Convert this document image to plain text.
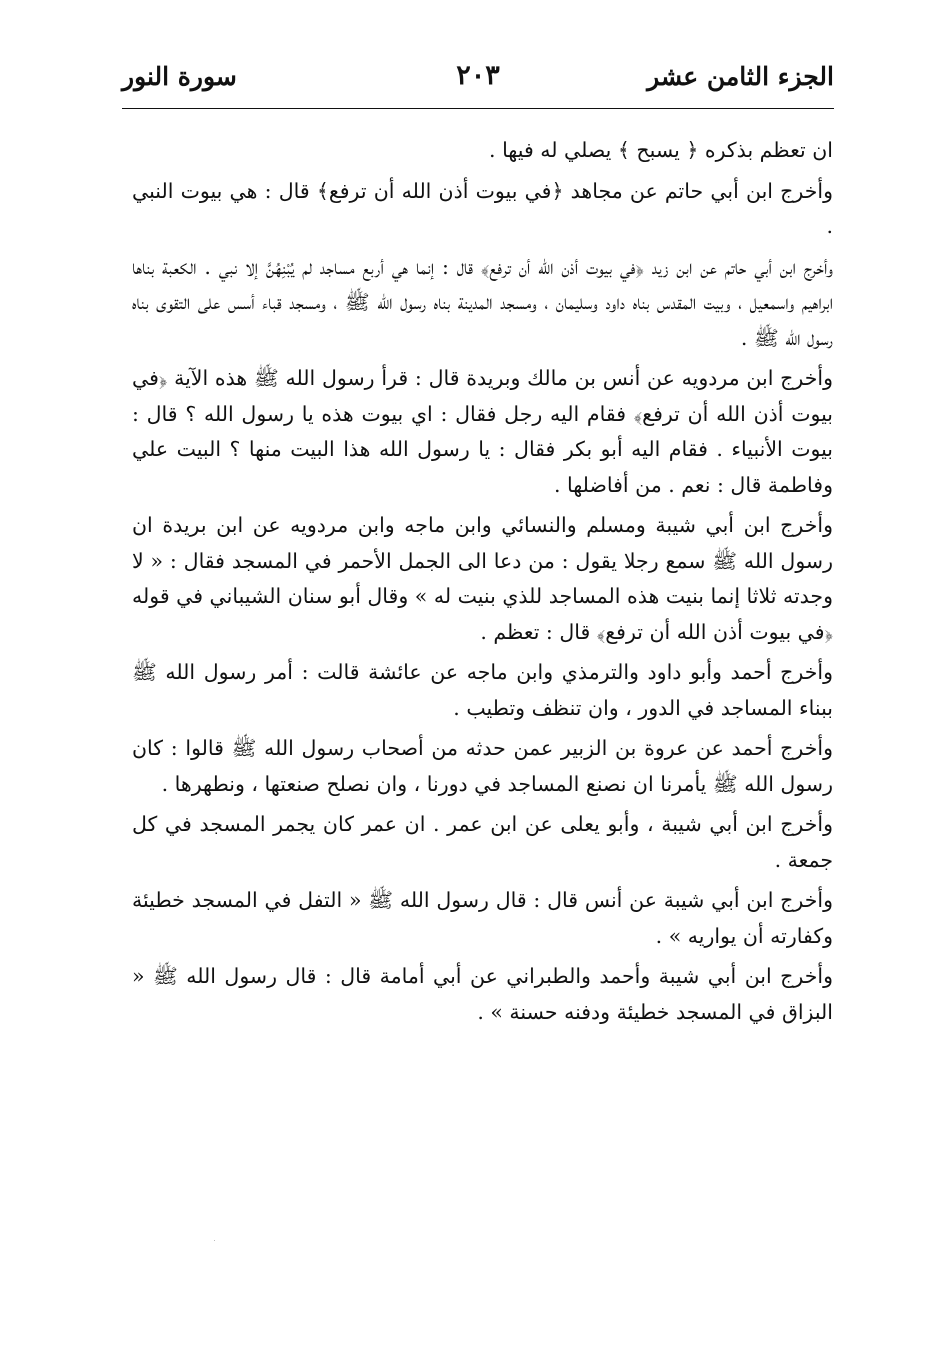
الجزء الثامن عشر
٢٠٣
سورة النور

ان تعظم بذكره ﴿ يسبح ﴾ يصلي له فيها .

وأخرج ابن أبي حاتم عن مجاهد ﴿في بيوت أذن الله أن ترفع﴾ قال : هي بيوت النبي .

وأخرج ابن أبي حاتم عن ابن زيد ﴿في بيوت أذن الله أن ترفع﴾ قال : إنما هي أربع مساجد لم يُبْنِهُنَّ إلا نبي . الكعبة بناها ابراهيم واسمعيل ، وبيت المقدس بناه داود وسليمان ، ومسجد المدينة بناه رسول الله ﷺ ، ومسجد قباء أسس على التقوى بناه رسول الله ﷺ .

وأخرج ابن مردويه عن أنس بن مالك وبريدة قال : قرأ رسول الله ﷺ هذه الآية ﴿في بيوت أذن الله أن ترفع﴾ فقام اليه رجل فقال : اي بيوت هذه يا رسول الله ؟ قال : بيوت الأنبياء . فقام اليه أبو بكر فقال : يا رسول الله هذا البيت منها ؟ البيت علي وفاطمة قال : نعم . من أفاضلها .

وأخرج ابن أبي شيبة ومسلم والنسائي وابن ماجه وابن مردويه عن ابن بريدة ان رسول الله ﷺ سمع رجلا يقول : من دعا الى الجمل الأحمر في المسجد فقال : « لا وجدته ثلاثا إنما بنيت هذه المساجد للذي بنيت له » وقال أبو سنان الشيباني في قوله ﴿في بيوت أذن الله أن ترفع﴾ قال : تعظم .

وأخرج أحمد وأبو داود والترمذي وابن ماجه عن عائشة قالت : أمر رسول الله ﷺ ببناء المساجد في الدور ، وان تنظف وتطيب .

وأخرج أحمد عن عروة بن الزبير عمن حدثه من أصحاب رسول الله ﷺ قالوا : كان رسول الله ﷺ يأمرنا ان نصنع المساجد في دورنا ، وان نصلح صنعتها ، ونطهرها .

وأخرج ابن أبي شيبة ، وأبو يعلى عن ابن عمر . ان عمر كان يجمر المسجد في كل جمعة .

وأخرج ابن أبي شيبة عن أنس قال : قال رسول الله ﷺ « التفل في المسجد خطيئة وكفارته أن يواريه » .

وأخرج ابن أبي شيبة وأحمد والطبراني عن أبي أمامة قال : قال رسول الله ﷺ « البزاق في المسجد خطيئة ودفنه حسنة » .
